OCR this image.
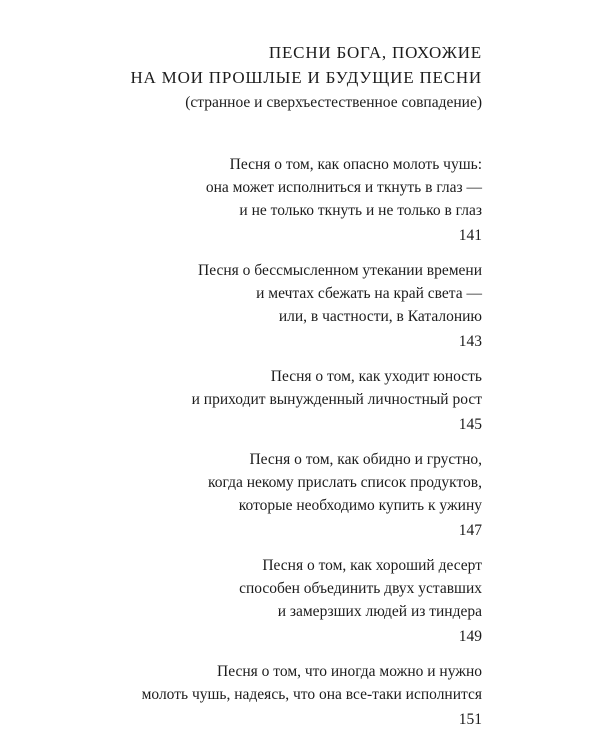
ПЕСНИ БОГА, ПОХОЖИЕ
НА МОИ ПРОШЛЫЕ И БУДУЩИЕ ПЕСНИ
(странное и сверхъестественное совпадение)
Песня о том, как опасно молоть чушь:
она может исполниться и ткнуть в глаз —
и не только ткнуть и не только в глаз
141
Песня о бессмысленном утекании времени
и мечтах сбежать на край света —
или, в частности, в Каталонию
143
Песня о том, как уходит юность
и приходит вынужденный личностный рост
145
Песня о том, как обидно и грустно,
когда некому прислать список продуктов,
которые необходимо купить к ужину
147
Песня о том, как хороший десерт
способен объединить двух уставших
и замерзших людей из тиндера
149
Песня о том, что иногда можно и нужно
молоть чушь, надеясь, что она все-таки исполнится
151
